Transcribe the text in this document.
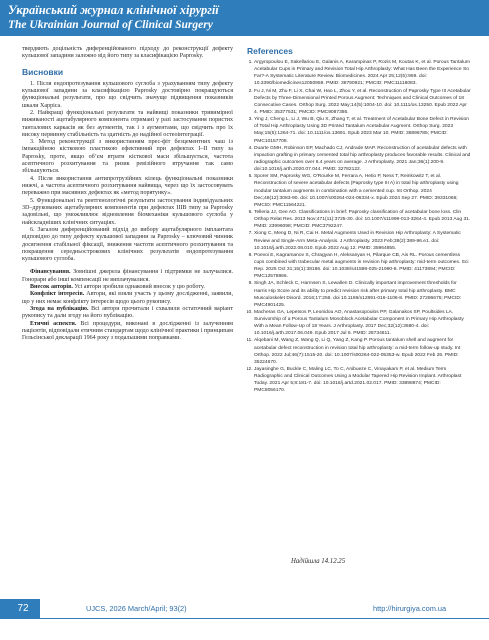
Український журнал клінічної хірургії
The Ukrainian Journal of Clinical Surgery

твердяють доцільність диференційованого підходу до реконструкції дефекту кульшової западини залежно від його типу за класифікацією Paprosky.

Висновки

1. Після ендопротезування кульшового суглоба з урахуванням типу дефекту кульшової западини за класифікацією Paprosky достовірно покращуються функціональні результати, про що свідчить значуще підвищення показників шкали Харріса.

2. Найкращі функціональні результати та найвищі показники тривимірної виживаності ацетабулярного компонента отримані у разі застосування пористих танталових каркасів як без аугментів, так і з аугментами, що свідчить про їх високу первинну стабільність та здатність до надійної остеоінтеграції.

3. Метод реконструкції з використанням прес-фіт безцементних чаш із імпакційною кістковою пластикою ефективний при дефектах І–ІІ типу за Paprosky, проте, якщо обʼєм втрати кісткової маси збільшується, частота асептичного розхитування та ризик ревізійного втручання так само збільшуються.

4. Після використання антипротрузійних кілець функціональні показники нижчі, а частота асептичного розхитування найвища, через що їх застосовувать переважно при масивних дефектах як «метод порятунку».

5. Функціональні та рентгенологічні результати застосування індивідуальних 3D–друкованих ацетабулярних компонентів при дефектах ІІІВ типу за Paprosky задовільні, що уможливлює відновлення біомеханіки кульшового суглоба у найскладніших клінічних ситуаціях.

6. Загалом диференційований підхід до вибору ацетабулярного імплантата відповідно до типу дефекту кульшової западини за Paprosky – ключовий чинник досягнення стабільної фіксації, зниження частоти асептичного розхитування та покращення середньострокових клінічних результатів ендопротезування кульшового суглоба.

Фінансування. Зовнішні джерела фінансування і підтримки не залучалися. Гонорари або інші компенсації не виплачувалися.

Внесок авторів. Усі автори зробили однаковий внесок у цю роботу.

Конфлікт інтересів. Автори, які взяли участь у цьому дослідженні, заявили, що у них немає конфлікту інтересів щодо цього рукопису.

Згода на публікацію. Всі автори прочитали і схвалили остаточний варіант рукопису та дали згоду на його публікацію.

Етичні аспекти. Всі процедури, виконані в дослідженні із залученням пацієнтів, відповідали етичним стандартам щодо клінічної практики і принципам Гельсінської декларації 1964 року з подальшими поправками.

References
1. Argyropoulou E, Sakellariou E, Galanis A, Karampinas P, Rozis M, Koutas K, et al. Porous Tantalum Acetabular Cups in Primary and Revision Total Hip Arthroplasty: What Has Been the Experience So Far?-A Systematic Literature Review. Biomedicines. 2024 Apr 25;12(5):959. doi: 10.3390/biomedicines12050959. PMID: 38790921; PMCID: PMC11118083.
2. Fu J, Ni M, Zhu F, Li X, Chai W, Hao L, Zhou Y, et al. Reconstruction of Paprosky Type III Acetabular Defects by Three-Dimensional Printed Porous Augment: Techniques and Clinical Outcomes of 18 Consecutive Cases. Orthop Surg. 2022 May;14(5):1004-10. doi: 10.1111/os.13250. Epub 2022 Apr 4. PMID: 35377531; PMCID: PMC9087386.
3. Ying J, Cheng L, Li J, Wu B, Qiu X, Zhang T, et al. Treatment of Acetabular Bone Defect in Revision of Total Hip Arthroplasty Using 3D Printed Tantalum Acetabular Augment. Orthop Surg. 2023 May;15(5):1264-71. doi: 10.1111/os.13691. Epub 2023 Mar 10. PMID: 36896785; PMCID: PMC10157708.
4. Duarte GMH, Robinson EP, Machado CJ, Andrade MAP. Reconstruction of acetabular defects with impaction grafting in primary cemented total hip arthroplasty produces favorable results. Clinical and radiographic outcomes over 6.4 years on average. J Arthroplasty. 2021 Jan;36(1):200-9. doi:10.1016/j.arth.2020.07.044. PMID: 32782122.
5. Sporer SM, Paprosky WG, O'Rourke M, Ferrara A, Hetio P, Ness T, Reinkowitz T, et al. Reconstruction of severe acetabular defects (Paprosky type III A) in total hip arthroplasty using modular tantalum augments in combination with a cemented cup. Int Orthop. 2024 Dec;48(12):3083-90. doi: 10.1007/s00264-024-06334-x. Epub 2024 Sep 27. PMID: 39331066; PMCID: PMC11564221.
6. Telleria JJ, Gee AO. Classifications in brief: Paprosky classification of acetabular bone loss. Clin Orthop Relat Res. 2013 Nov;471(11):3725-30. doi: 10.1007/s11999-013-3264-4. Epub 2013 Aug 31. PMID: 23996098; PMCID: PMC3792247.
7. Xiong C, Meng D, Ni R, Cai H. Metal Augments Used in Revision Hip Arthroplasty: A Systematic Review and Single-Arm Meta-Analysis. J Arthroplasty. 2023 Feb;38(2):389-96.e1. doi: 10.1016/j.arth.2022.08.010. Epub 2022 Aug 12. PMID: 35964855.
8. Poevoi E, Kagramanov S, Chragyan H, Aleksanyan H, Pilarque CB, Ais RL. Porous cementless cups combined with trabecular metal augments in revision hip arthroplasty: mid-term outcomes. Sci Rep. 2025 Oct 31;15(1):38186. doi: 10.1038/s41598-025-21990-8. PMID: 41173894; PMCID: PMC12578866.
9. Singh JA, Schleck C, Harmsen S, Lewallen D. Clinically important improvement thresholds for Harris Hip Score and its ability to predict revision risk after primary total hip arthroplasty. BMC Musculoskelet Disord. 2016;17:256. doi 10.1186/s12891-016-1106-8. PMID: 27286675; PMCID: PMC4901425.
10. Macheras GA, Lepetsos P, Leonidou AO, Anastasopoulos PP, Galanakos SP, Poultsides LA. Survivorship of a Porous Tantalum Monoblock Acetabular Component in Primary Hip Arthroplasty With a Mean Follow-Up of 18 Years. J Arthroplasty. 2017 Dec;32(12):3680-4. doi: 10.1016/j.arth.2017.06.049. Epub 2017 Jul 6. PMID: 28734611.
11. Alqebani M, Wang Z, Wang Q, Li Q, Yang Z, Kang P. Porous tantalum shell and augment for acetabular defect reconstruction in revision total hip arthroplasty: a mid-term follow-up study. Int Orthop. 2022 Jul;46(7):1515-20. doi: 10.1007/s00264-022-05353-w. Epub 2022 Feb 26. PMID: 35224670.
12. Jayasinghe G, Buckle C, Maling LC, To C, Anibueze C, Vinayakam P, et al. Medium Term Radiographic and Clinical Outcomes Using a Modular Tapered Hip Revision Implant. Arthroplast Today. 2021 Apr 5;8:181-7. doi: 10.1016/j.artd.2021.02.017. PMID: 33898874; PMCID: PMC8056170.
Надійшла 14.12.25
72	UJCS, 2026 March/April; 93(2)	http://hirurgiya.com.ua
